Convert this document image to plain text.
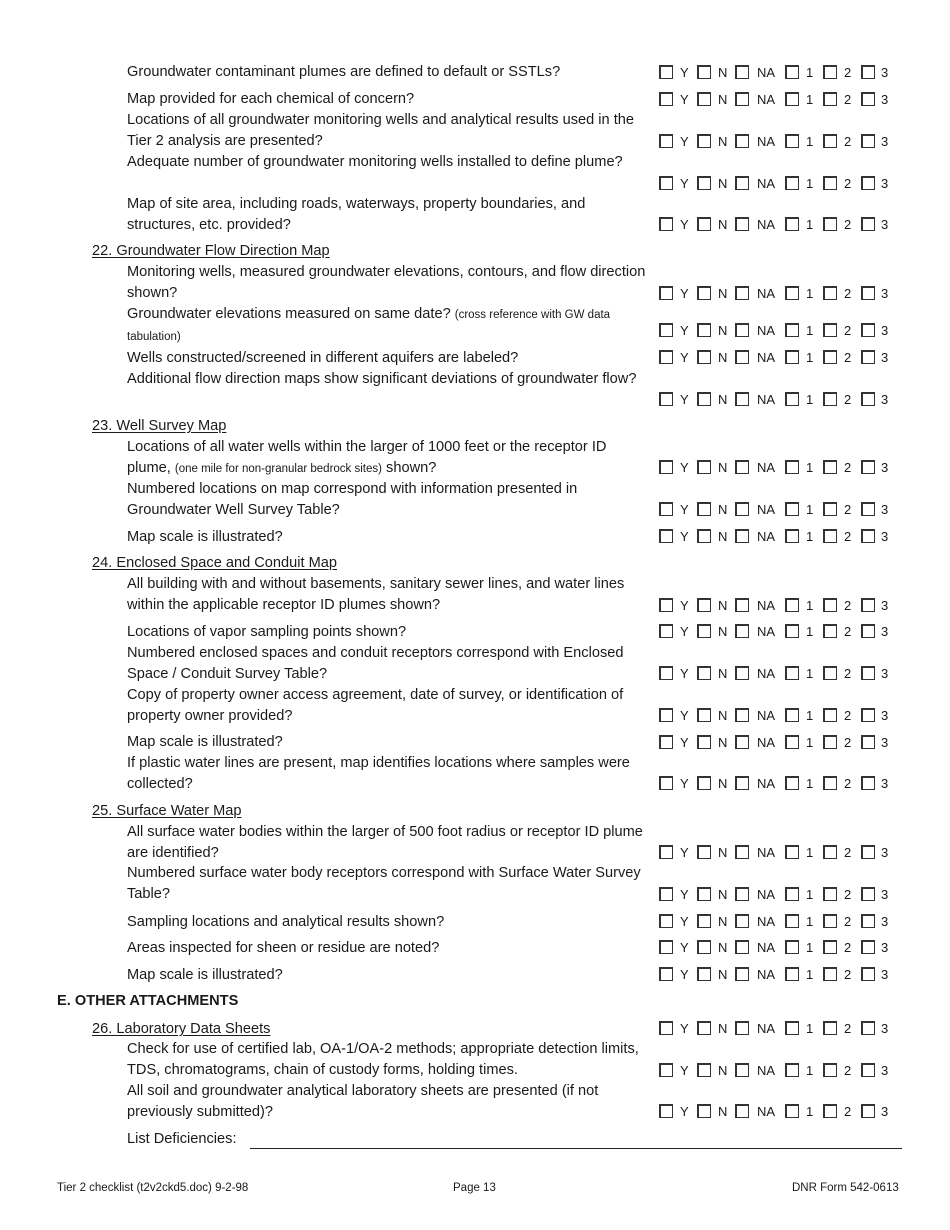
Groundwater contaminant plumes are defined to default or SSTLs?
Map provided for each chemical of concern?
Locations of all groundwater monitoring wells and analytical results used in the Tier 2 analysis are presented?
Adequate number of groundwater monitoring wells installed to define plume?
Map of site area, including roads, waterways, property boundaries, and structures, etc. provided?
22. Groundwater Flow Direction Map
Monitoring wells, measured groundwater elevations, contours, and flow direction shown?
Groundwater elevations measured on same date? (cross reference with GW data tabulation)
Wells constructed/screened in different aquifers are labeled?
Additional flow direction maps show significant deviations of groundwater flow?
23. Well Survey Map
Locations of all water wells within the larger of 1000 feet or the receptor ID plume, (one mile for non-granular bedrock sites) shown?
Numbered locations on map correspond with information presented in Groundwater Well Survey Table?
Map scale is illustrated?
24. Enclosed Space and Conduit Map
All building with and without basements, sanitary sewer lines, and water lines within the applicable receptor ID plumes shown?
Locations of vapor sampling points shown?
Numbered enclosed spaces and conduit receptors correspond with Enclosed Space / Conduit Survey Table?
Copy of property owner access agreement, date of survey, or identification of property owner provided?
Map scale is illustrated?
If plastic water lines are present, map identifies locations where samples were collected?
25. Surface Water Map
All surface water bodies within the larger of 500 foot radius or receptor ID plume are identified?
Numbered surface water body receptors correspond with Surface Water Survey Table?
Sampling locations and analytical results shown?
Areas inspected for sheen or residue are noted?
Map scale is illustrated?
E. OTHER ATTACHMENTS
26. Laboratory Data Sheets
Check for use of certified lab, OA-1/OA-2 methods; appropriate detection limits, TDS, chromatograms, chain of custody forms, holding times.
All soil and groundwater analytical laboratory sheets are presented (if not previously submitted)?
List Deficiencies:
Tier 2 checklist (t2v2ckd5.doc) 9-2-98	Page 13	DNR Form 542-0613
Y N NA 1 2 3
Y N NA 1 2 3
Y N NA 1 2 3
Y N NA 1 2 3
Y N NA 1 2 3
Y N NA 1 2 3
Y N NA 1 2 3
Y N NA 1 2 3
Y N NA 1 2 3
Y N NA 1 2 3
Y N NA 1 2 3
Y N NA 1 2 3
Y N NA 1 2 3
Y N NA 1 2 3
Y N NA 1 2 3
Y N NA 1 2 3
Y N NA 1 2 3
Y N NA 1 2 3
Y N NA 1 2 3
Y N NA 1 2 3
Y N NA 1 2 3
Y N NA 1 2 3
Y N NA 1 2 3
Y N NA 1 2 3
Y N NA 1 2 3
Y N NA 1 2 3
